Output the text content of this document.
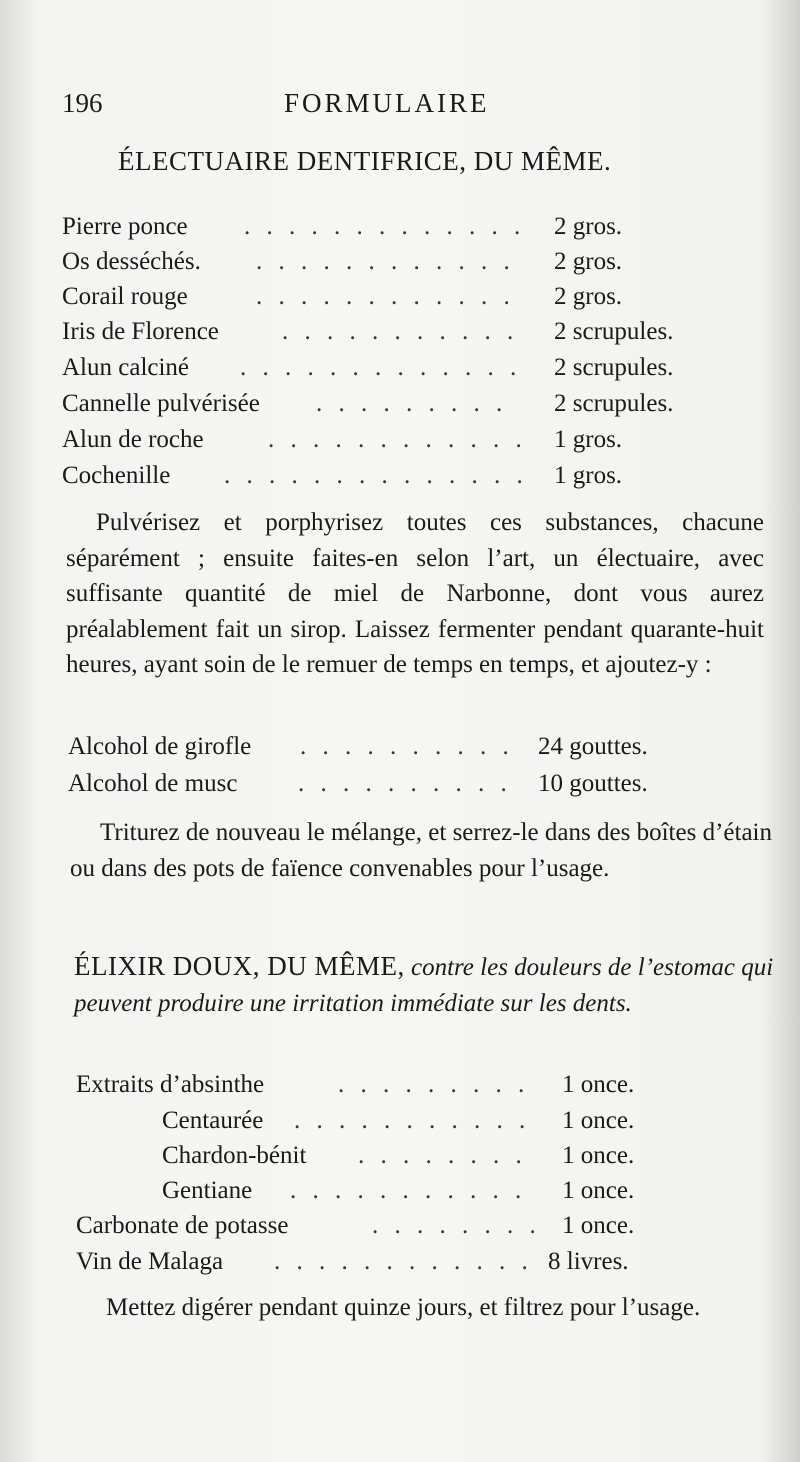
196	FORMULAIRE
ÉLECTUAIRE DENTIFRICE, DU MÊME.
Pierre ponce . . . . . . . . . . . . . 2 gros.
Os desséchés. . . . . . . . . . . . . 2 gros.
Corail rouge	. . . . . . . . . . . . 2 gros.
Iris de Florence	. . . . . . . . . . . 2 scrupules.
Alun calciné . . . . . . . . . . . . . 2 scrupules.
Cannelle pulvérisée . . . . . . . . . 2 scrupules.
Alun de roche	. . . . . . . . . . . . 1 gros.
Cochenille . . . . . . . . . . . . . . 1 gros.
Pulvérisez et porphyrisez toutes ces substances, chacune séparément ; ensuite faites-en selon l’art, un électuaire, avec suffisante quantité de miel de Narbonne, dont vous aurez préalablement fait un sirop. Laissez fermenter pendant quarante-huit heures, ayant soin de le remuer de temps en temps, et ajoutez-y :
Alcohol de girofle . . . . . . . . . . 24 gouttes.
Alcohol de musc . . . . . . . . . . 10 gouttes.
Triturez de nouveau le mélange, et serrez-le dans des boîtes d’étain ou dans des pots de faïence convenables pour l’usage.
ÉLIXIR DOUX, DU MÊME, contre les douleurs de l’estomac qui peuvent produire une irritation immédiate sur les dents.
Extraits d’absinthe	. . . . . . . . . 1 once.
Centaurée . . . . . . . . . . . 1 once.
Chardon-bénit . . . . . . . . 1 once.
Gentiane . . . . . . . . . . . 1 once.
Carbonate de potasse	. . . . . . . . 1 once.
Vin de Malaga . . . . . . . . . . . . 8 livres.
Mettez digérer pendant quinze jours, et filtrez pour l’usage.
